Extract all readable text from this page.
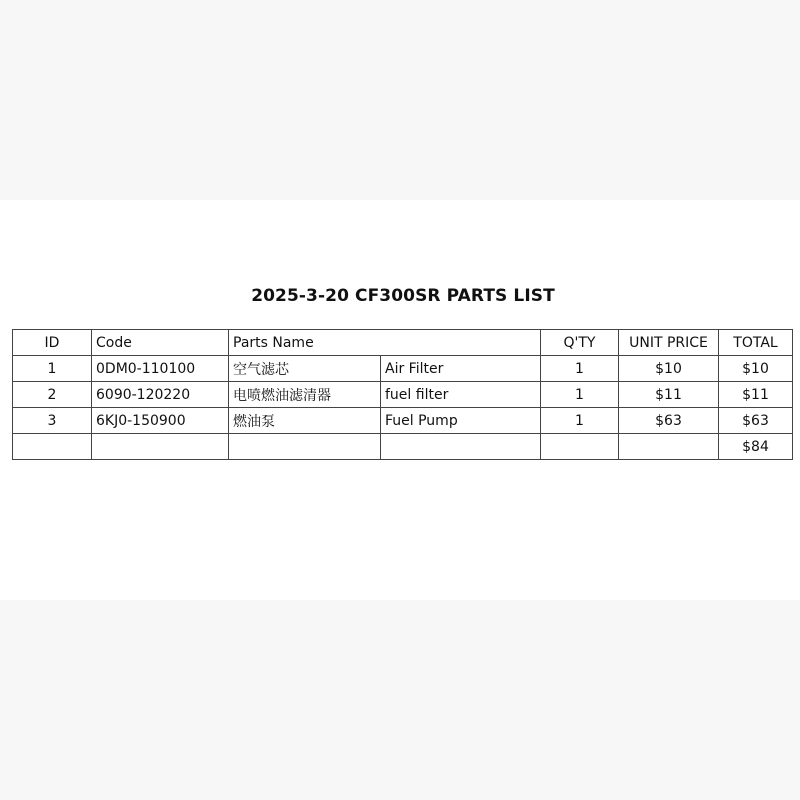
2025-3-20 CF300SR PARTS LIST
ID	Code	Parts Name		Q'TY	UNIT PRICE	TOTAL
1	0DM0-110100	空气滤芯	Air Filter	1	$10	$10
2	6090-120220	电喷燃油滤清器	fuel filter	1	$11	$11
3	6KJ0-150900	燃油泵	Fuel Pump	1	$63	$63
						$84
